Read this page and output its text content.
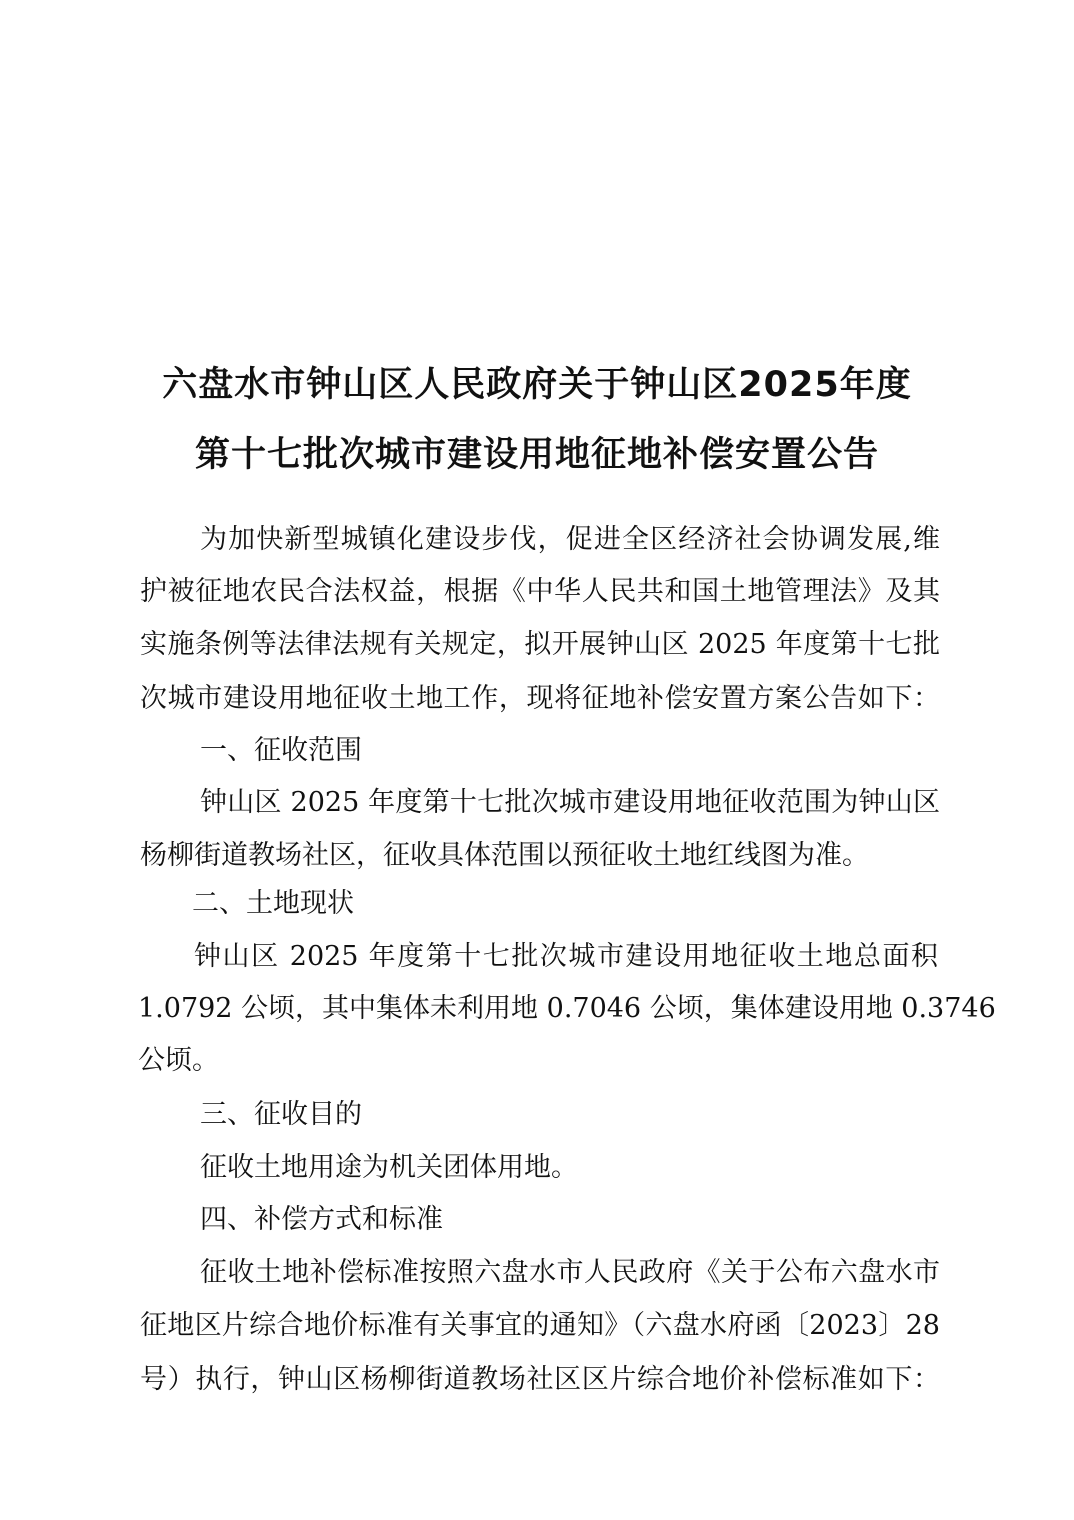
六盘水市钟山区人民政府关于钟山区2025年度
第十七批次城市建设用地征地补偿安置公告
为加快新型城镇化建设步伐，促进全区经济社会协调发展,维
护被征地农民合法权益，根据《中华人民共和国土地管理法》及其
实施条例等法律法规有关规定，拟开展钟山区 2025 年度第十七批
次城市建设用地征收土地工作，现将征地补偿安置方案公告如下：
一、征收范围
钟山区 2025 年度第十七批次城市建设用地征收范围为钟山区
杨柳街道教场社区，征收具体范围以预征收土地红线图为准。
二、土地现状
钟山区 2025 年度第十七批次城市建设用地征收土地总面积
1.0792 公顷，其中集体未利用地 0.7046 公顷，集体建设用地 0.3746
公顷。
三、征收目的
征收土地用途为机关团体用地。
四、补偿方式和标准
征收土地补偿标准按照六盘水市人民政府《关于公布六盘水市
征地区片综合地价标准有关事宜的通知》（六盘水府函〔2023〕28
号）执行，钟山区杨柳街道教场社区区片综合地价补偿标准如下：
